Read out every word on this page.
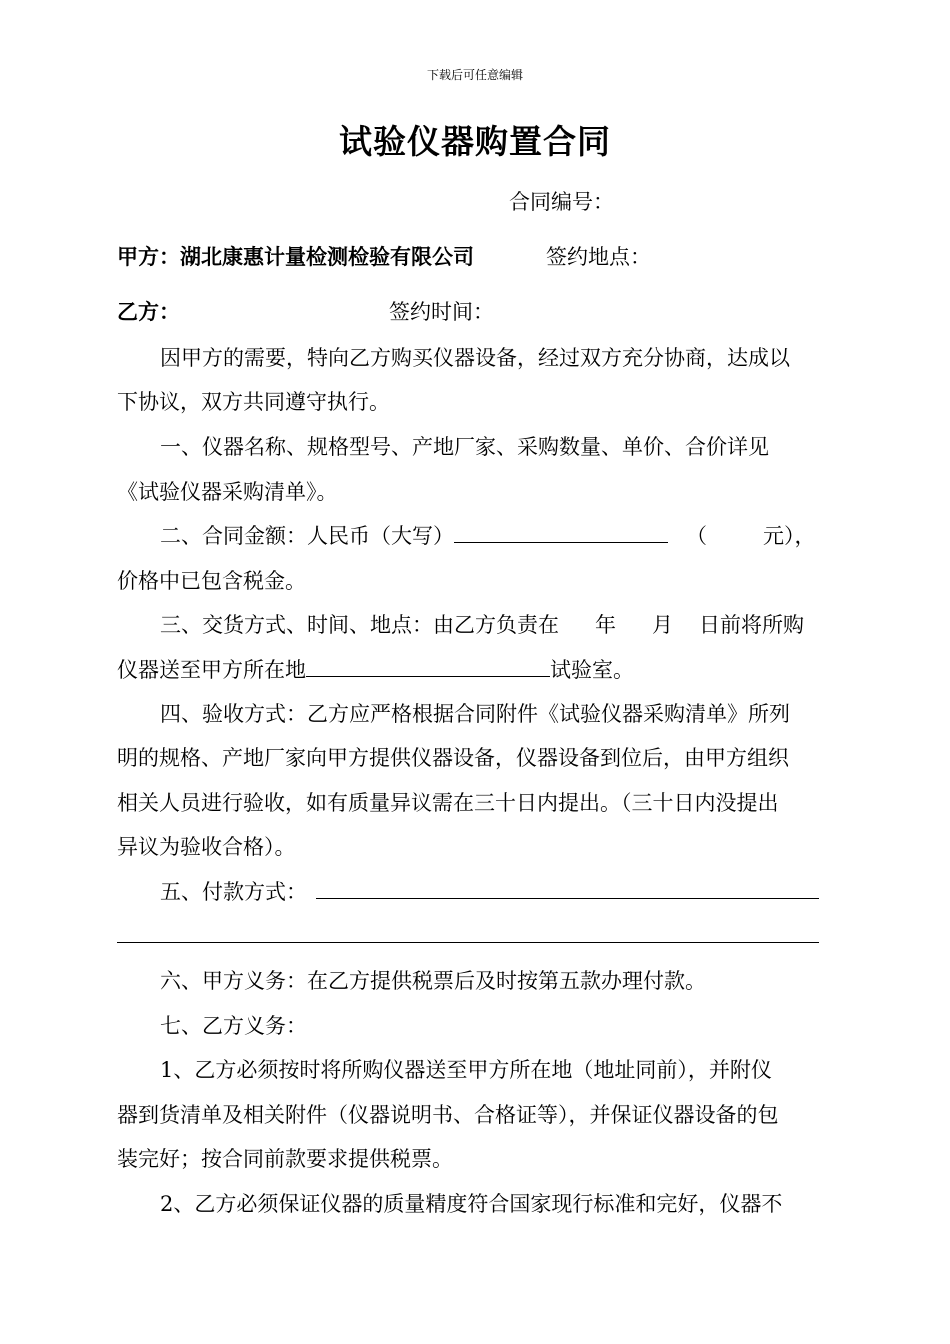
下载后可任意编辑
试验仪器购置合同
合同编号：
甲方：湖北康惠计量检测检验有限公司	签约地点：
乙方：	签约时间：
因甲方的需要，特向乙方购买仪器设备，经过双方充分协商，达成以
下协议，双方共同遵守执行。
一、仪器名称、规格型号、产地厂家、采购数量、单价、合价详见
《试验仪器采购清单》。
二、合同金额：人民币（大写）	（	元），
价格中已包含税金。
三、交货方式、时间、地点：由乙方负责在 年 月 日前将所购
仪器送至甲方所在地	试验室。
四、验收方式：乙方应严格根据合同附件《试验仪器采购清单》所列
明的规格、产地厂家向甲方提供仪器设备，仪器设备到位后，由甲方组织
相关人员进行验收，如有质量异议需在三十日内提出。（三十日内没提出
异议为验收合格）。
五、付款方式：
六、甲方义务：在乙方提供税票后及时按第五款办理付款。
七、乙方义务：
1、乙方必须按时将所购仪器送至甲方所在地（地址同前），并附仪
器到货清单及相关附件（仪器说明书、合格证等），并保证仪器设备的包
装完好；按合同前款要求提供税票。
2、乙方必须保证仪器的质量精度符合国家现行标准和完好，仪器不
